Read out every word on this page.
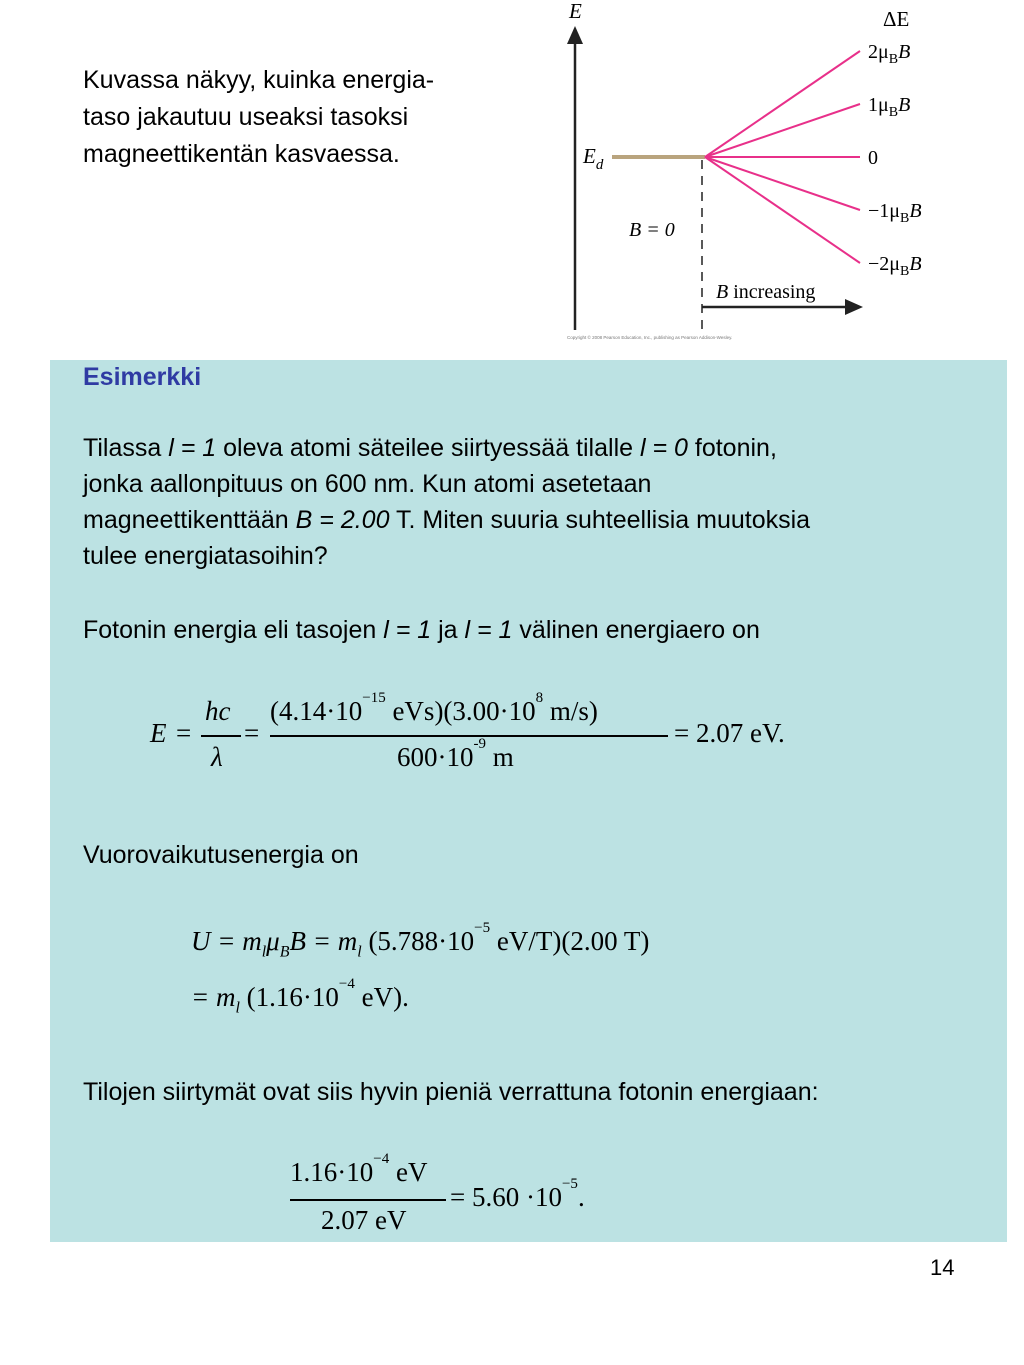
Kuvassa näkyy, kuinka energia-
taso jakautuu useaksi tasoksi
magneettikentän kasvaessa.
E
$E_d$
B = 0
ΔE
$2\mu_BB$
$1\mu_BB$
0
$-1\mu_BB$
$-2\mu_BB$
B increasing
Copyright © 2008 Pearson Education, Inc., publishing as Pearson Addison-Wesley.
Esimerkki
Tilassa l = 1 oleva atomi säteilee siirtyessää tilalle l = 0 fotonin,
jonka aallonpituus on 600 nm. Kun atomi asetetaan
magneettikenttään B = 2.00 T. Miten suuria suhteellisia muutoksia
tulee energiatasoihin?
Fotonin energia eli tasojen l = 1 ja l = 1 välinen energiaero on
E =
hc
λ
=
($4.14\cdot 10^{-15}$ $eVs)(3.00\cdot 10^8$ m/s)
$600\cdot 10^{-9}$ m
= 2.07 eV.
Vuorovaikutusenergia on
$U = m_l\mu_BB = m_l$ ($5.788\cdot 10^{-5}$ eV/T)(2.00 T)
= $m_l$ ($1.16\cdot 10^{-4}$ eV).
Tilojen siirtymät ovat siis hyvin pieniä verrattuna fotonin energiaan:
$1.16\cdot 10^{-4}$ eV
2.07 eV
= $5.60 \cdot 10^{-5}$.
14
